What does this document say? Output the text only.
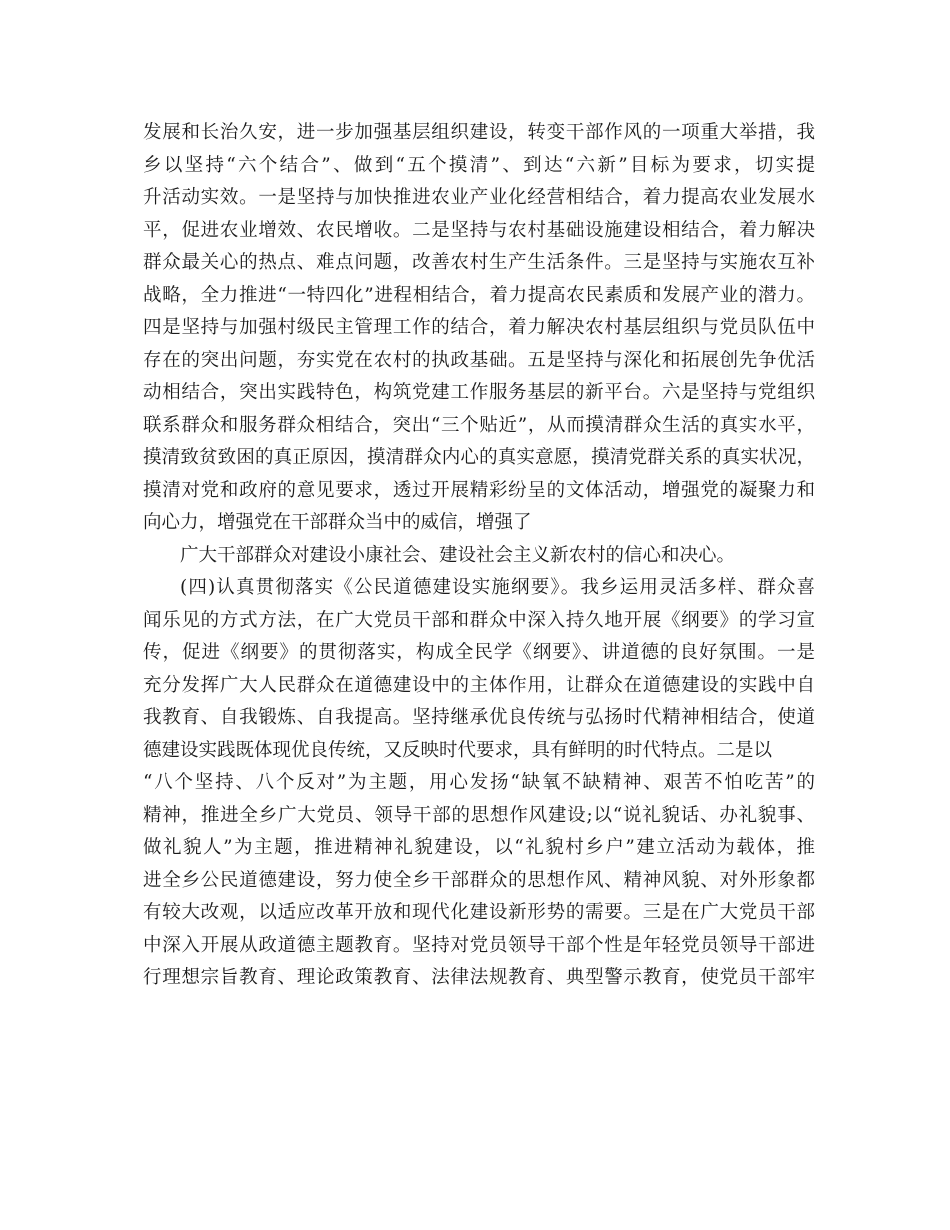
发展和长治久安，进一步加强基层组织建设，转变干部作风的一项重大举措，我
乡以坚持“六个结合”、做到“五个摸清”、到达“六新”目标为要求，切实提
升活动实效。一是坚持与加快推进农业产业化经营相结合，着力提高农业发展水
平，促进农业增效、农民增收。二是坚持与农村基础设施建设相结合，着力解决
群众最关心的热点、难点问题，改善农村生产生活条件。三是坚持与实施农互补
战略，全力推进“一特四化”进程相结合，着力提高农民素质和发展产业的潜力。
四是坚持与加强村级民主管理工作的结合，着力解决农村基层组织与党员队伍中
存在的突出问题，夯实党在农村的执政基础。五是坚持与深化和拓展创先争优活
动相结合，突出实践特色，构筑党建工作服务基层的新平台。六是坚持与党组织
联系群众和服务群众相结合，突出“三个贴近”，从而摸清群众生活的真实水平，
摸清致贫致困的真正原因，摸清群众内心的真实意愿，摸清党群关系的真实状况，
摸清对党和政府的意见要求，透过开展精彩纷呈的文体活动，增强党的凝聚力和
向心力，增强党在干部群众当中的威信，增强了
广大干部群众对建设小康社会、建设社会主义新农村的信心和决心。
(四)认真贯彻落实《公民道德建设实施纲要》。我乡运用灵活多样、群众喜
闻乐见的方式方法，在广大党员干部和群众中深入持久地开展《纲要》的学习宣
传，促进《纲要》的贯彻落实，构成全民学《纲要》、讲道德的良好氛围。一是
充分发挥广大人民群众在道德建设中的主体作用，让群众在道德建设的实践中自
我教育、自我锻炼、自我提高。坚持继承优良传统与弘扬时代精神相结合，使道
德建设实践既体现优良传统，又反映时代要求，具有鲜明的时代特点。二是以
“八个坚持、八个反对”为主题，用心发扬“缺氧不缺精神、艰苦不怕吃苦”的
精神，推进全乡广大党员、领导干部的思想作风建设;以“说礼貌话、办礼貌事、
做礼貌人”为主题，推进精神礼貌建设，以“礼貌村乡户”建立活动为载体，推
进全乡公民道德建设，努力使全乡干部群众的思想作风、精神风貌、对外形象都
有较大改观，以适应改革开放和现代化建设新形势的需要。三是在广大党员干部
中深入开展从政道德主题教育。坚持对党员领导干部个性是年轻党员领导干部进
行理想宗旨教育、理论政策教育、法律法规教育、典型警示教育，使党员干部牢
